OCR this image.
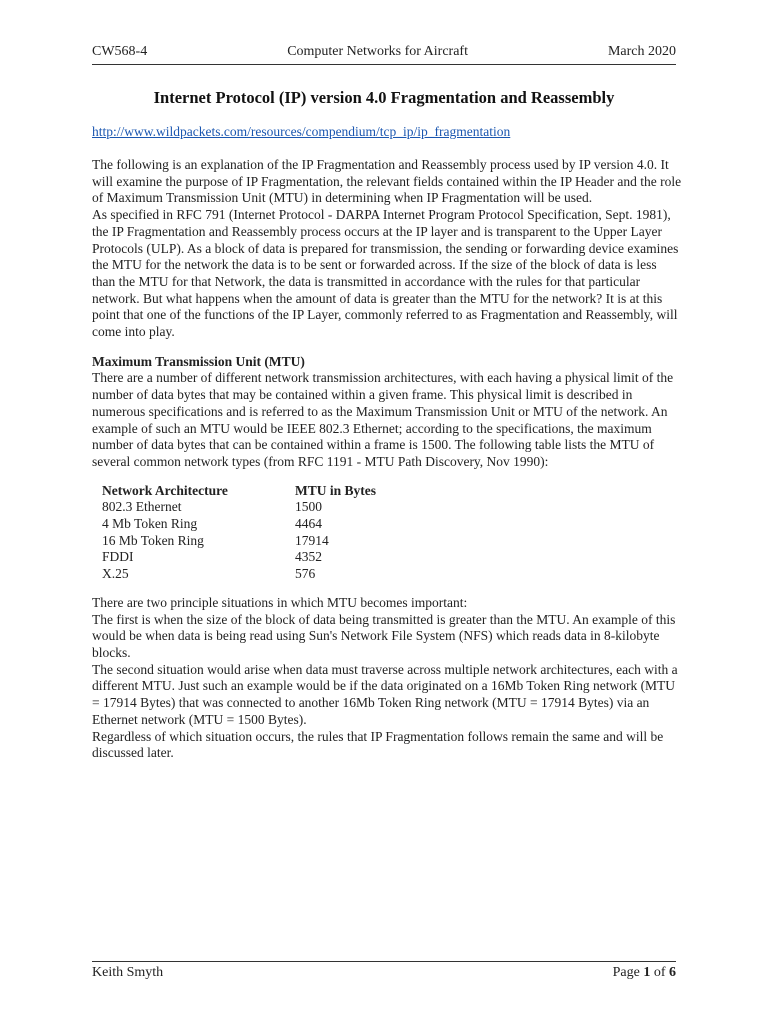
CW568-4	Computer Networks for Aircraft	March 2020
Internet Protocol (IP) version 4.0 Fragmentation and Reassembly
http://www.wildpackets.com/resources/compendium/tcp_ip/ip_fragmentation

The following is an explanation of the IP Fragmentation and Reassembly process used by IP version 4.0. It will examine the purpose of IP Fragmentation, the relevant fields contained within the IP Header and the role of Maximum Transmission Unit (MTU) in determining when IP Fragmentation will be used.

As specified in RFC 791 (Internet Protocol - DARPA Internet Program Protocol Specification, Sept. 1981), the IP Fragmentation and Reassembly process occurs at the IP layer and is transparent to the Upper Layer Protocols (ULP). As a block of data is prepared for transmission, the sending or forwarding device examines the MTU for the network the data is to be sent or forwarded across. If the size of the block of data is less than the MTU for that Network, the data is transmitted in accordance with the rules for that particular network. But what happens when the amount of data is greater than the MTU for the network? It is at this point that one of the functions of the IP Layer, commonly referred to as Fragmentation and Reassembly, will come into play.

Maximum Transmission Unit (MTU)

There are a number of different network transmission architectures, with each having a physical limit of the number of data bytes that may be contained within a given frame. This physical limit is described in numerous specifications and is referred to as the Maximum Transmission Unit or MTU of the network. An example of such an MTU would be IEEE 802.3 Ethernet; according to the specifications, the maximum number of data bytes that can be contained within a frame is 1500. The following table lists the MTU of several common network types (from RFC 1191 - MTU Path Discovery, Nov 1990):

Network Architecture	MTU in Bytes
802.3 Ethernet	1500
4 Mb Token Ring	4464
16 Mb Token Ring	17914
FDDI	4352
X.25	576

There are two principle situations in which MTU becomes important:

The first is when the size of the block of data being transmitted is greater than the MTU. An example of this would be when data is being read using Sun's Network File System (NFS) which reads data in 8-kilobyte blocks.

The second situation would arise when data must traverse across multiple network architectures, each with a different MTU. Just such an example would be if the data originated on a 16Mb Token Ring network (MTU = 17914 Bytes) that was connected to another 16Mb Token Ring network (MTU = 17914 Bytes) via an Ethernet network (MTU = 1500 Bytes).

Regardless of which situation occurs, the rules that IP Fragmentation follows remain the same and will be discussed later.

Keith Smyth	Page 1 of 6
